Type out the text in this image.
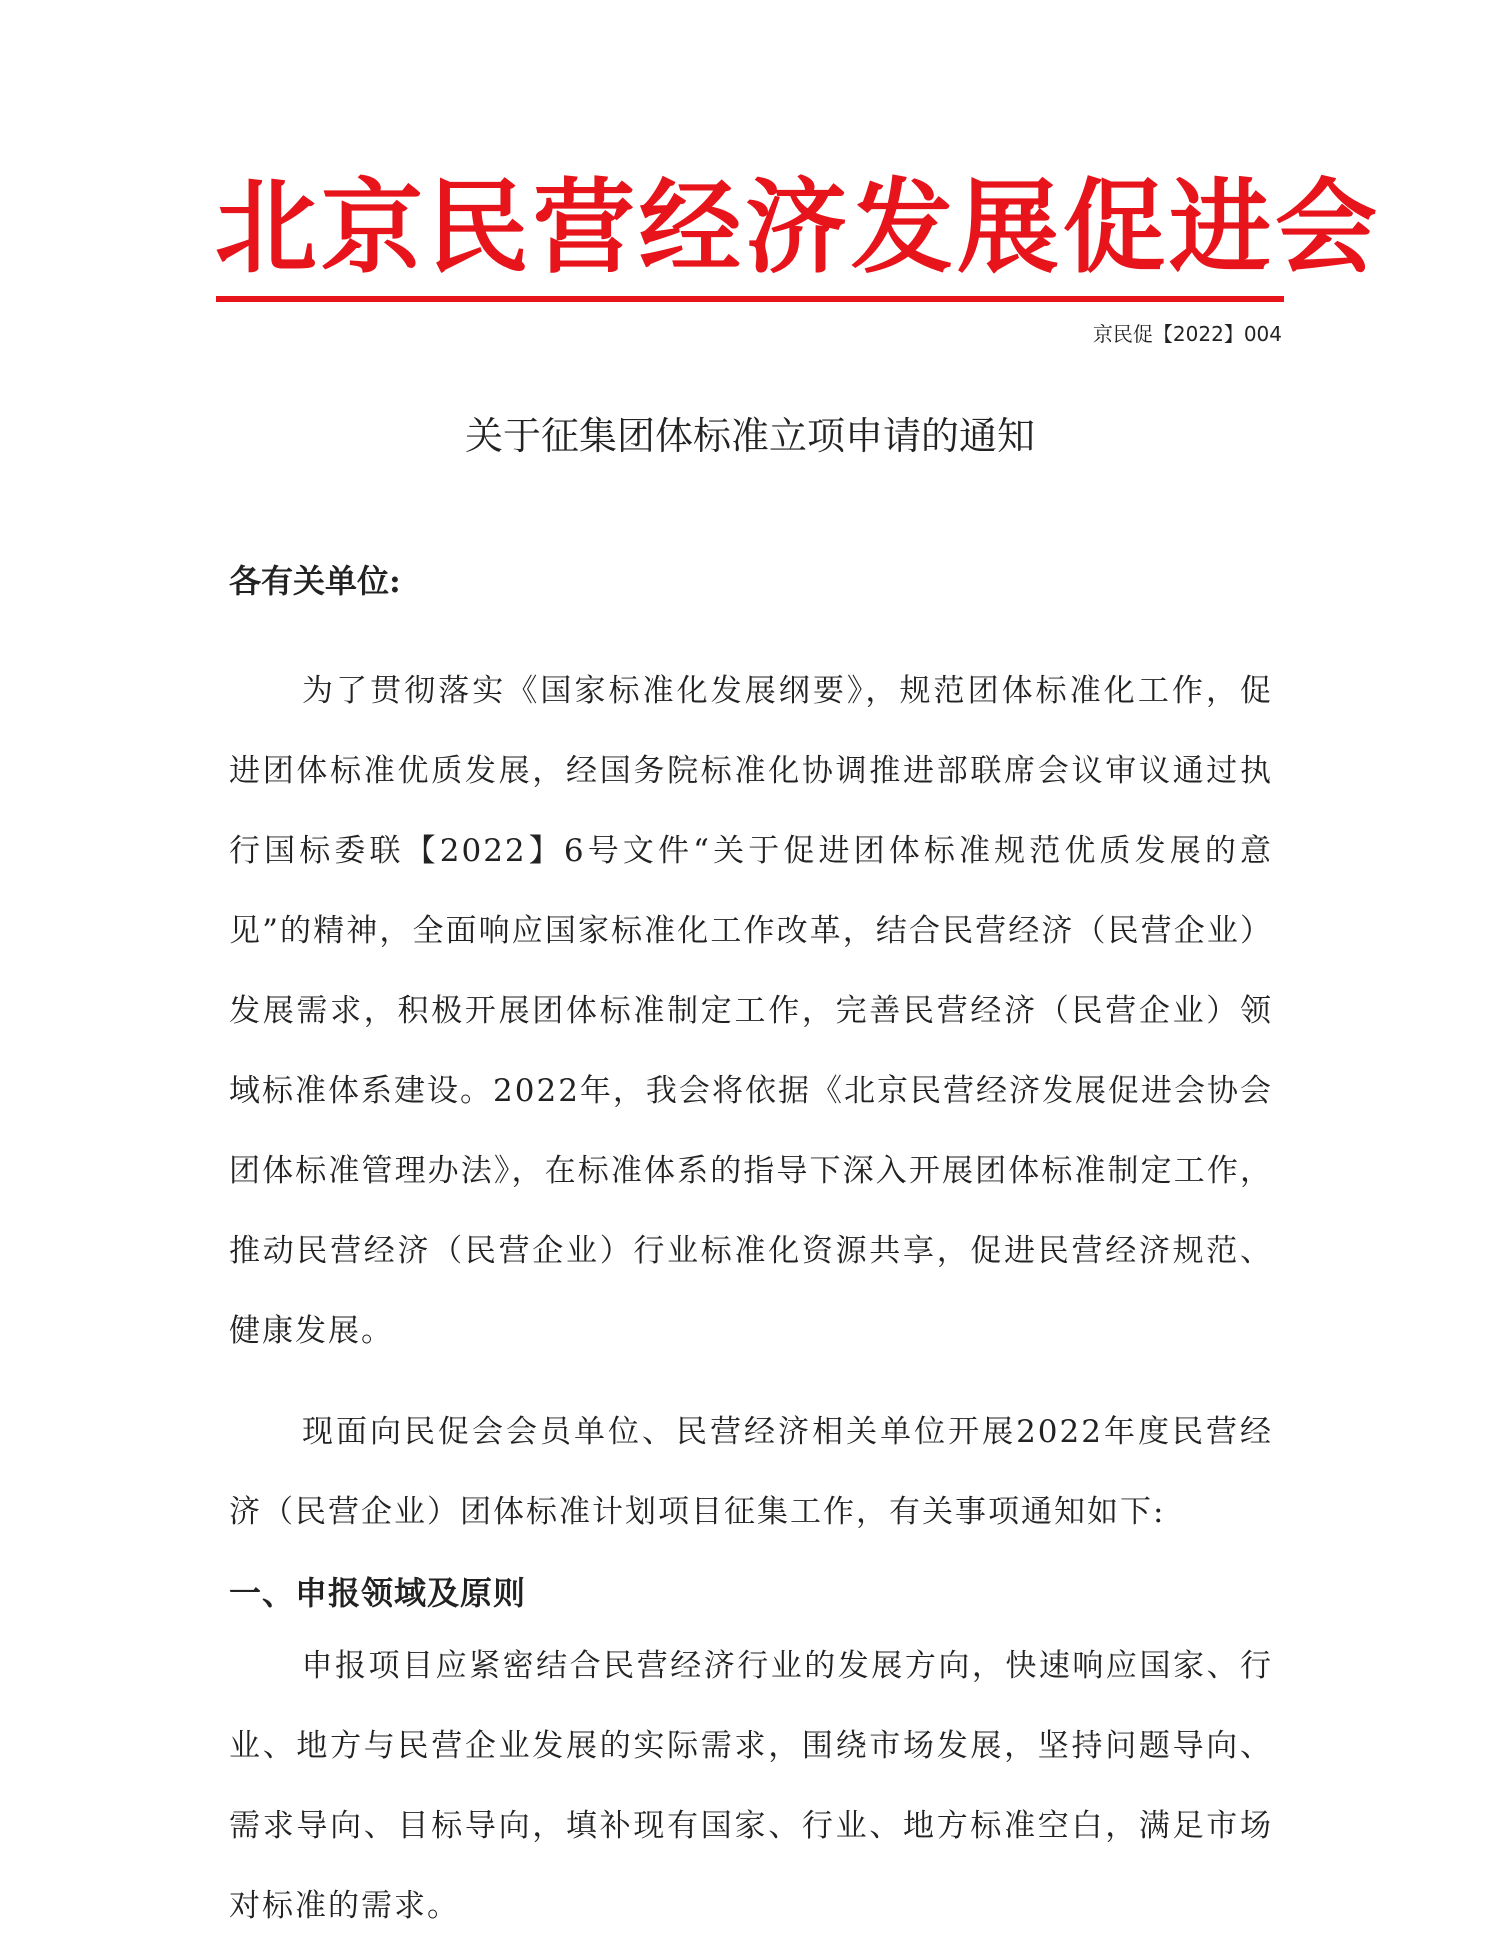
北京民营经济发展促进会
京民促【2022】004
关于征集团体标准立项申请的通知
各有关单位:
为了贯彻落实《国家标准化发展纲要》，规范团体标准化工作，促进团体标准优质发展，经国务院标准化协调推进部联席会议审议通过执行国标委联【2022】6号文件“关于促进团体标准规范优质发展的意见”的精神，全面响应国家标准化工作改革，结合民营经济（民营企业）发展需求，积极开展团体标准制定工作，完善民营经济（民营企业）领域标准体系建设。2022年，我会将依据《北京民营经济发展促进会协会团体标准管理办法》，在标准体系的指导下深入开展团体标准制定工作，推动民营经济（民营企业）行业标准化资源共享，促进民营经济规范、健康发展。
现面向民促会会员单位、民营经济相关单位开展2022年度民营经济（民营企业）团体标准计划项目征集工作，有关事项通知如下:
一、申报领域及原则
申报项目应紧密结合民营经济行业的发展方向，快速响应国家、行业、地方与民营企业发展的实际需求，围绕市场发展，坚持问题导向、需求导向、目标导向，填补现有国家、行业、地方标准空白，满足市场对标准的需求。
